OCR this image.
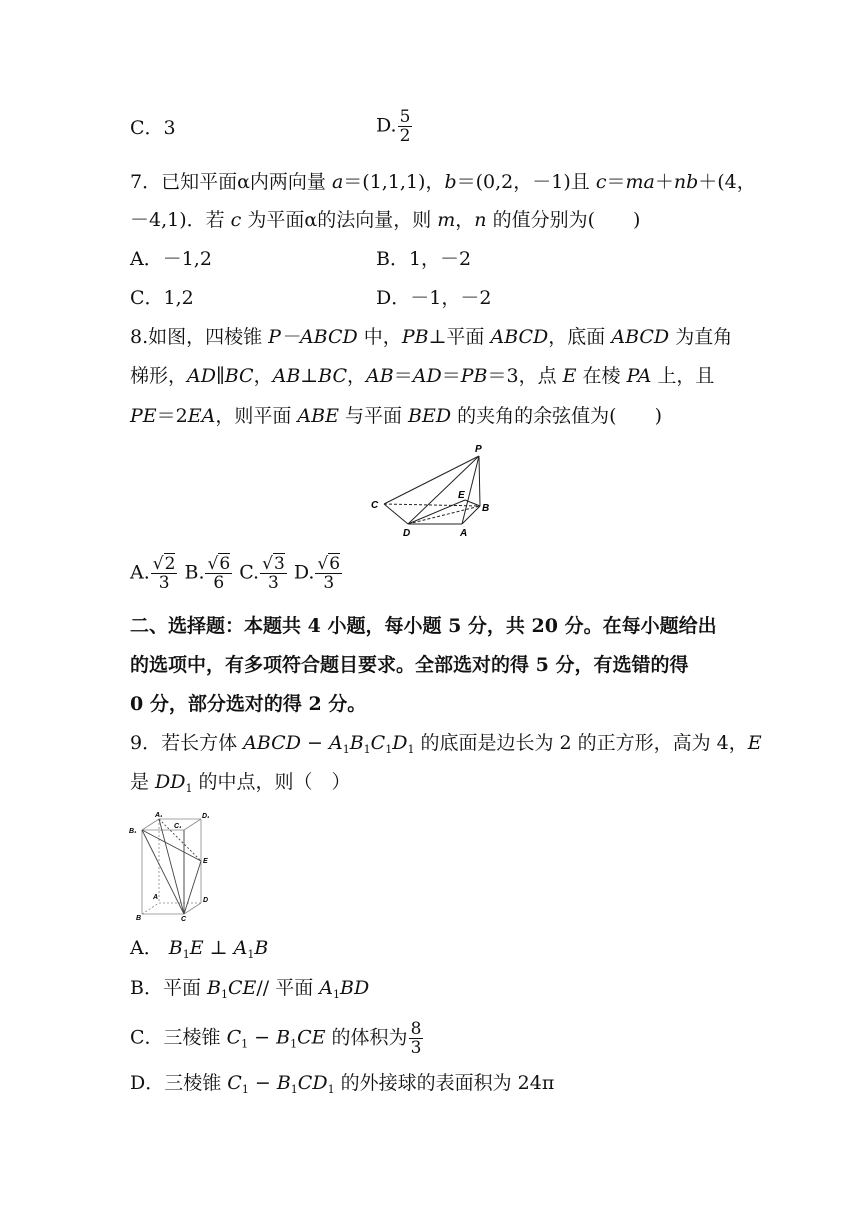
C．3	D. $\frac{5}{2}$
7．已知平面α内两向量 a＝(1,1,1)，b＝(0,2，－1)且 c＝ma＋nb＋(4，
－4,1)．若 c 为平面α的法向量，则 m，n 的值分别为(　　)
A．－1,2	B．1，－2
C．1,2	D．－1，－2
8.如图，四棱锥 P－ABCD 中，PB⊥平面 ABCD，底面 ABCD 为直角
梯形，AD∥BC，AB⊥BC，AB＝AD＝PB＝3，点 E 在棱 PA 上，且
PE＝2EA，则平面 ABE 与平面 BED 的夹角的余弦值为(　　)
P
C
E
B
D	A
A. $\frac{√2}{3} B$. $\frac{√6}{6} C$. $\frac{√3}{3} D$. $\frac{√6}{3}$
二、选择题：本题共 4 小题，每小题 5 分，共 20 分。在每小题给出
的选项中，有多项符合题目要求。全部选对的得 5 分，有选错的得
0 分，部分选对的得 2 分。
9．若长方体 ABCD − $A_1B_1C_1D_1$ 的底面是边长为 2 的正方形，高为 4，E
是 $DD_1$ 的中点，则（　）
A₁
C₁
D₁
B₁
E
A	D
B	C
A． $B_1E$ ⊥ $A_1B$
B．平面 $B_1CE//$ 平面 $A_1BD$
C．三棱锥 $C_1 - B_1CE$ 的体积为 $\frac{8}{3}$
D．三棱锥 $C_1 - B_1CD_1$ 的外接球的表面积为 24π
